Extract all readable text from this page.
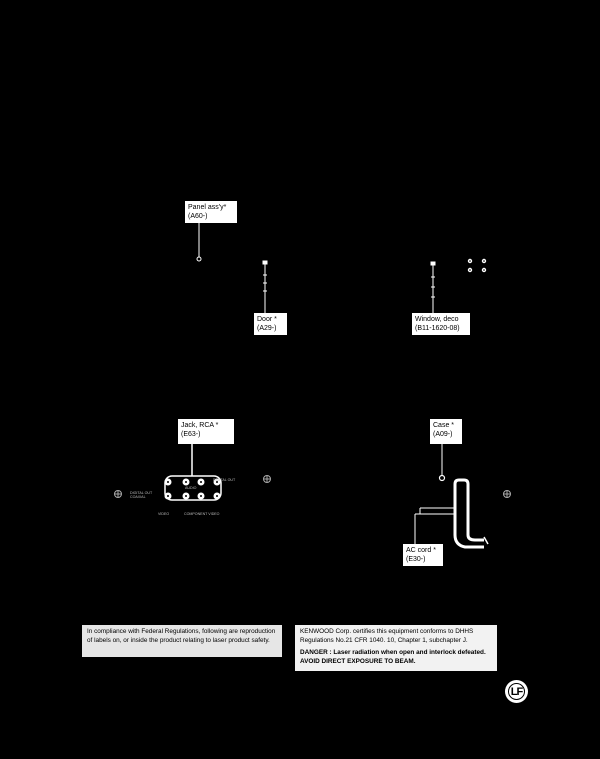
Panel ass'y*
(A60-)
Door *
(A29-)
Window, deco
(B11-1620-08)
Jack, RCA *
(E63-)
Case *
(A09-)
AC cord *
(E30-)
AUDIO
VIDEO	COMPONENT VIDEO
DIGITAL OUT
DIGITAL OUT COAXIAL
In compliance with Federal Regulations, following are reproduction of labels on, or inside the product relating to laser product safety.
KENWOOD Corp. certifies this equipment conforms to DHHS Regulations No.21 CFR 1040. 10, Chapter 1, subchapter J.
DANGER : Laser radiation when open and interlock defeated.
AVOID DIRECT EXPOSURE TO BEAM.
LF
